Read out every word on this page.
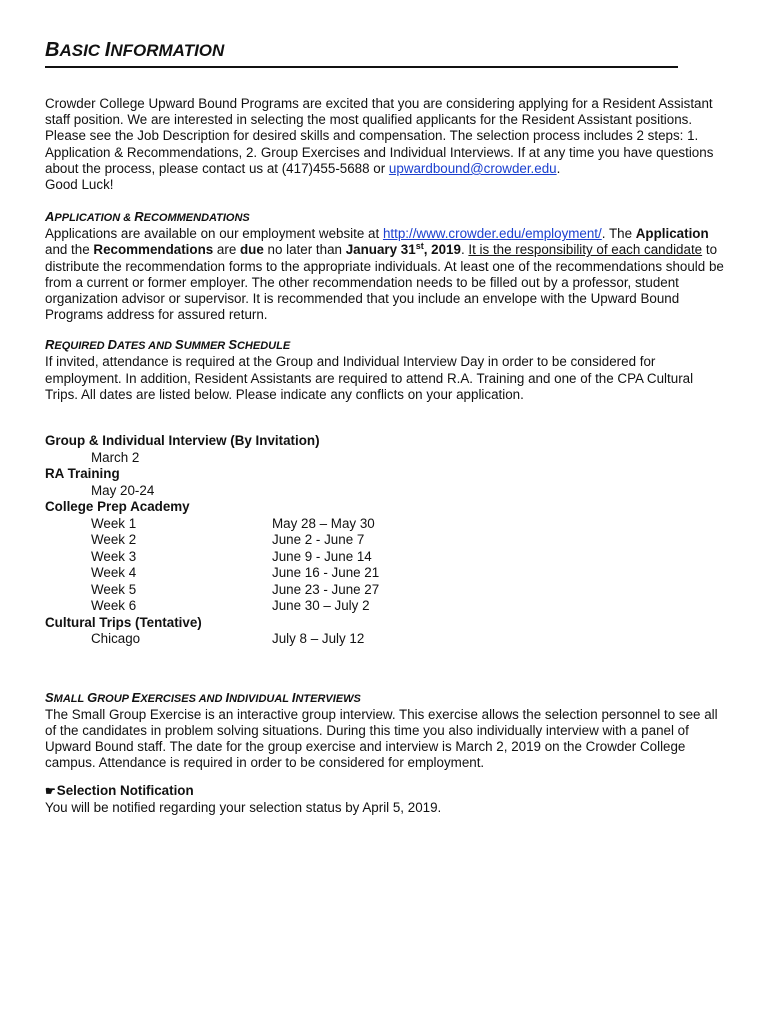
BASIC INFORMATION

Crowder College Upward Bound Programs are excited that you are considering applying for a Resident Assistant staff position. We are interested in selecting the most qualified applicants for the Resident Assistant positions. Please see the Job Description for desired skills and compensation. The selection process includes 2 steps: 1. Application & Recommendations, 2. Group Exercises and Individual Interviews. If at any time you have questions about the process, please contact us at (417)455-5688 or upwardbound@crowder.edu.
Good Luck!

APPLICATION & RECOMMENDATIONS

Applications are available on our employment website at http://www.crowder.edu/employment/. The Application and the Recommendations are due no later than January 31st, 2019. It is the responsibility of each candidate to distribute the recommendation forms to the appropriate individuals. At least one of the recommendations should be from a current or former employer. The other recommendation needs to be filled out by a professor, student organization advisor or supervisor. It is recommended that you include an envelope with the Upward Bound Programs address for assured return.

REQUIRED DATES AND SUMMER SCHEDULE

If invited, attendance is required at the Group and Individual Interview Day in order to be considered for employment. In addition, Resident Assistants are required to attend R.A. Training and one of the CPA Cultural Trips. All dates are listed below. Please indicate any conflicts on your application.

Group & Individual Interview (By Invitation)
March 2
RA Training
May 20-24
College Prep Academy
Week 1	May 28 – May 30
Week 2	June 2 - June 7
Week 3	June 9 - June 14
Week 4	June 16 - June 21
Week 5	June 23 - June 27
Week 6	June 30 – July 2
Cultural Trips (Tentative)
Chicago	July 8 – July 12
SMALL GROUP EXERCISES AND INDIVIDUAL INTERVIEWS

The Small Group Exercise is an interactive group interview. This exercise allows the selection personnel to see all of the candidates in problem solving situations. During this time you also individually interview with a panel of Upward Bound staff. The date for the group exercise and interview is March 2, 2019 on the Crowder College campus. Attendance is required in order to be considered for employment.

☛Selection Notification

You will be notified regarding your selection status by April 5, 2019.
